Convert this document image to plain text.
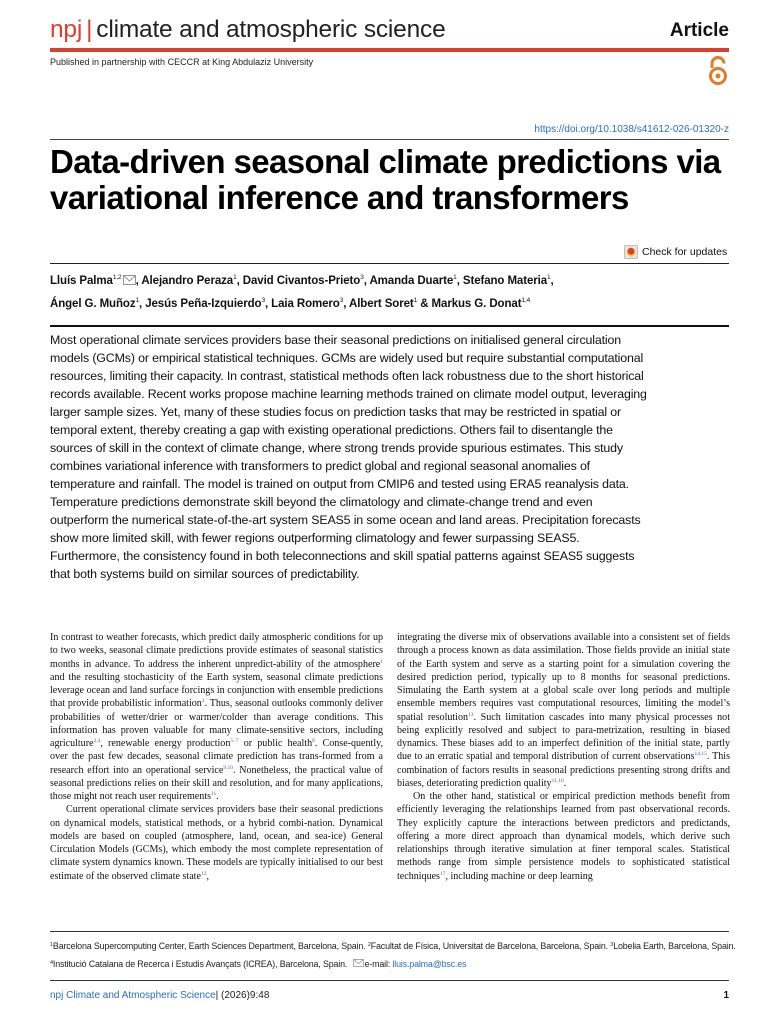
npj | climate and atmospheric science	Article
Published in partnership with CECCR at King Abdulaziz University
https://doi.org/10.1038/s41612-026-01320-z
Data-driven seasonal climate predictions via variational inference and transformers
Check for updates
Lluís Palma$^{1,2}$ , Alejandro Peraza$^1$, David Civantos-Prieto$^3$, Amanda Duarte$^1$, Stefano Materia$^1$,
Ángel G. Muñoz$^1$, Jesús Peña-Izquierdo$^3$, Laia Romero$^3$, Albert Soret$^1$ & Markus G. Donat$^{1,4}$

Most operational climate services providers base their seasonal predictions on initialised general circulation models (GCMs) or empirical statistical techniques. GCMs are widely used but require substantial computational resources, limiting their capacity. In contrast, statistical methods often lack robustness due to the short historical records available. Recent works propose machine learning methods trained on climate model output, leveraging larger sample sizes. Yet, many of these studies focus on prediction tasks that may be restricted in spatial or temporal extent, thereby creating a gap with existing operational predictions. Others fail to disentangle the sources of skill in the context of climate change, where strong trends provide spurious estimates. This study combines variational inference with transformers to predict global and regional seasonal anomalies of temperature and rainfall. The model is trained on output from CMIP6 and tested using ERA5 reanalysis data. Temperature predictions demonstrate skill beyond the climatology and climate-change trend and even outperform the numerical state-of-the-art system SEAS5 in some ocean and land areas. Precipitation forecasts show more limited skill, with fewer regions outperforming climatology and fewer surpassing SEAS5. Furthermore, the consistency found in both teleconnections and skill spatial patterns against SEAS5 suggests that both systems build on similar sources of predictability.

In contrast to weather forecasts, which predict daily atmospheric conditions for up to two weeks, seasonal climate predictions provide estimates of seasonal statistics months in advance. To address the inherent unpredict-ability of the atmosphere$^1$ and the resulting stochasticity of the Earth system, seasonal climate predictions leverage ocean and land surface forcings in conjunction with ensemble predictions that provide probabilistic information$^2$. Thus, seasonal outlooks commonly deliver probabilities of wetter/drier or warmer/colder than average conditions. This information has proven valuable for many climate-sensitive sectors, including agriculture$^{3,4}$, renewable energy production$^{5-7}$ or public health$^8$. Conse-quently, over the past few decades, seasonal climate prediction has trans-formed from a research effort into an operational service$^{9,10}$. Nonetheless, the practical value of seasonal predictions relies on their skill and resolution, and for many applications, those might not reach user requirements$^{11}$.

Current operational climate services providers base their seasonal predictions on dynamical models, statistical methods, or a hybrid combi-nation. Dynamical models are based on coupled (atmosphere, land, ocean, and sea-ice) General Circulation Models (GCMs), which embody the most complete representation of climate system dynamics known. These models are typically initialised to our best estimate of the observed climate state$^{12}$,

integrating the diverse mix of observations available into a consistent set of fields through a process known as data assimilation. Those fields provide an initial state of the Earth system and serve as a starting point for a simulation covering the desired prediction period, typically up to 8 months for seasonal predictions. Simulating the Earth system at a global scale over long periods and multiple ensemble members requires vast computational resources, limiting the model’s spatial resolution$^{13}$. Such limitation cascades into many physical processes not being explicitly resolved and subject to para-metrization, resulting in biased dynamics. These biases add to an imperfect definition of the initial state, partly due to an erratic spatial and temporal distribution of current observations$^{14,15}$. This combination of factors results in seasonal predictions presenting strong drifts and biases, deteriorating prediction quality$^{11,16}$.

On the other hand, statistical or empirical prediction methods benefit from efficiently leveraging the relationships learned from past observational records. They explicitly capture the interactions between predictors and predictands, offering a more direct approach than dynamical models, which derive such relationships through iterative simulation at finer temporal scales. Statistical methods range from simple persistence models to sophisticated statistical techniques$^{17}$, including machine or deep learning

$^1$Barcelona Supercomputing Center, Earth Sciences Department, Barcelona, Spain. $^2$Facultat de Física, Universitat de Barcelona, Barcelona, Spain. $^3$Lobelia Earth, Barcelona, Spain. $^4$Institució Catalana de Recerca i Estudis Avançats (ICREA), Barcelona, Spain. e-mail: lluis.palma@bsc.es
npj Climate and Atmospheric Science| (2026)9:48	1
